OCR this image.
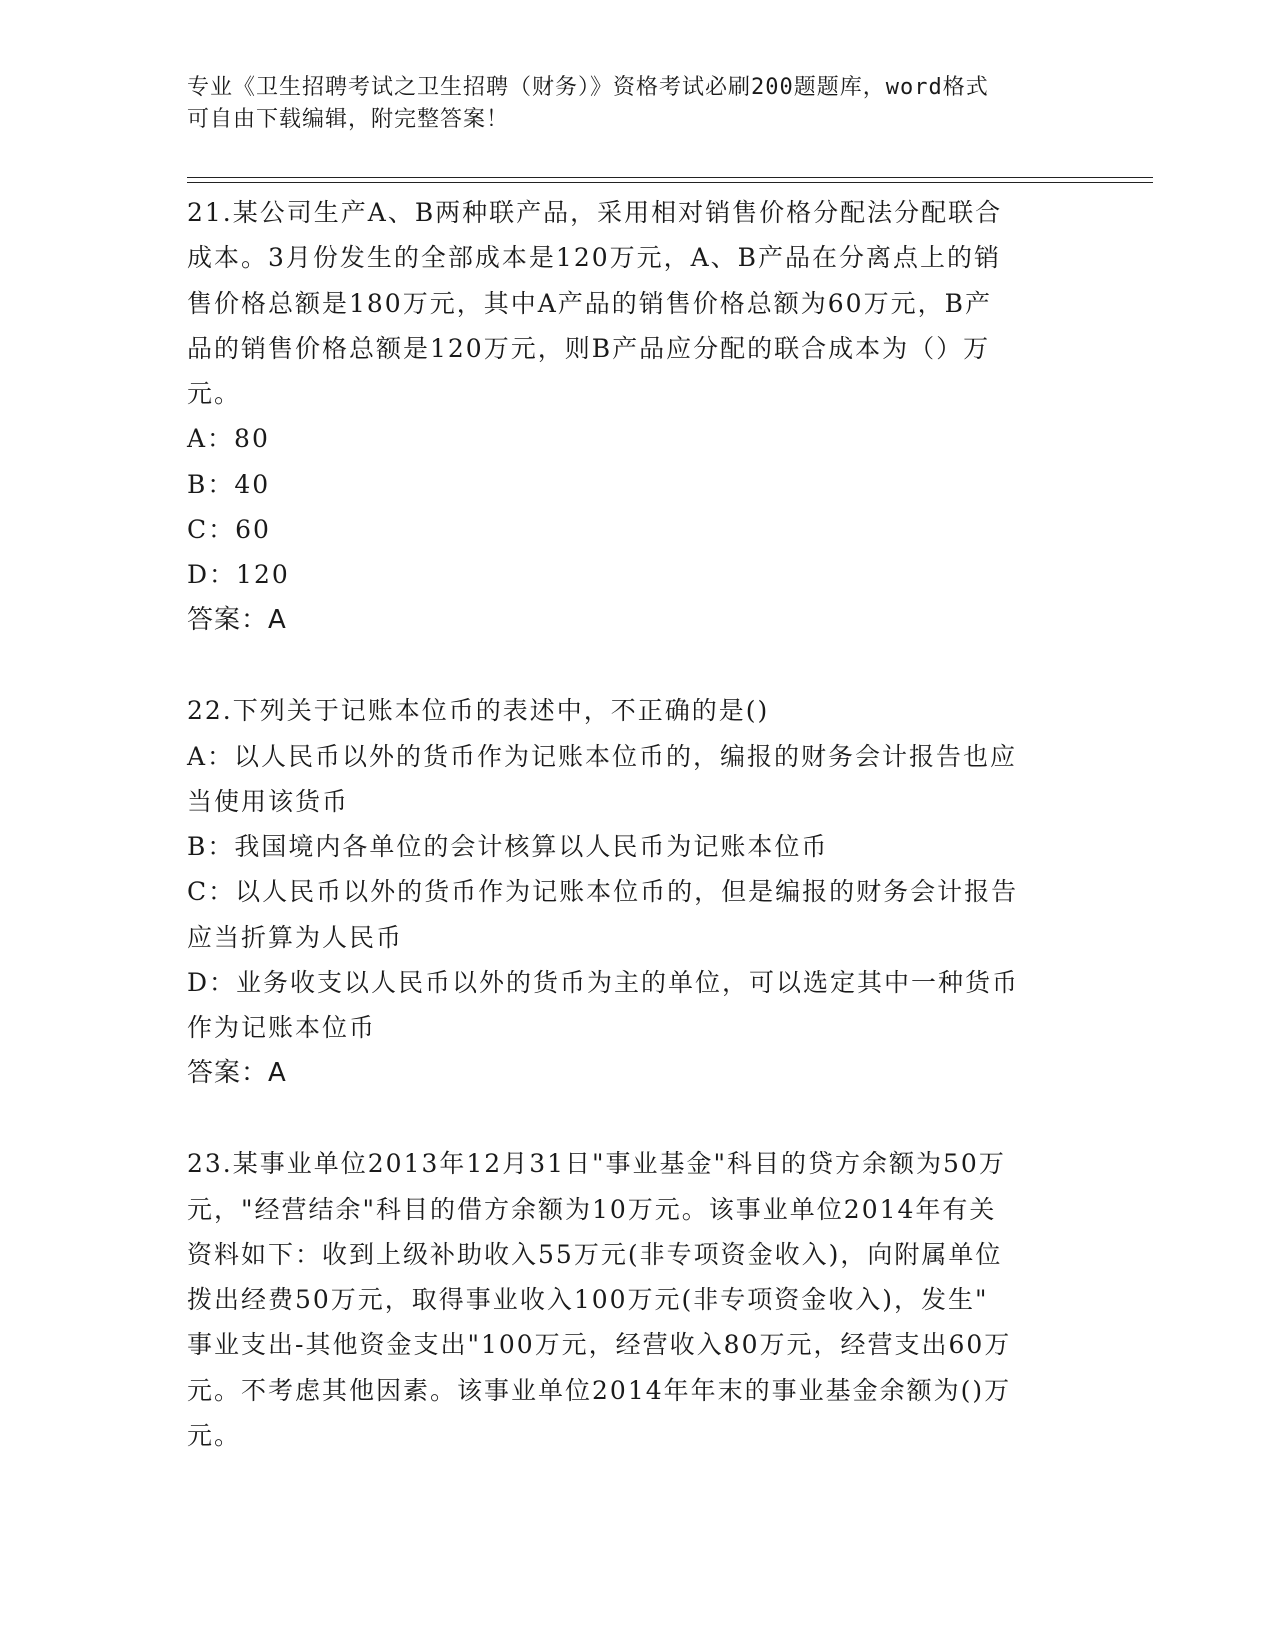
专业《卫生招聘考试之卫生招聘（财务）》资格考试必刷200题题库，word格式
可自由下载编辑，附完整答案！
21.某公司生产A、B两种联产品，采用相对销售价格分配法分配联合
成本。3月份发生的全部成本是120万元，A、B产品在分离点上的销
售价格总额是180万元，其中A产品的销售价格总额为60万元，B产
品的销售价格总额是120万元，则B产品应分配的联合成本为（）万
元。
A：80
B：40
C：60
D：120
答案：A
22.下列关于记账本位币的表述中，不正确的是()
A：以人民币以外的货币作为记账本位币的，编报的财务会计报告也应
当使用该货币
B：我国境内各单位的会计核算以人民币为记账本位币
C：以人民币以外的货币作为记账本位币的，但是编报的财务会计报告
应当折算为人民币
D：业务收支以人民币以外的货币为主的单位，可以选定其中一种货币
作为记账本位币
答案：A
23.某事业单位2013年12月31日"事业基金"科目的贷方余额为50万
元，"经营结余"科目的借方余额为10万元。该事业单位2014年有关
资料如下：收到上级补助收入55万元(非专项资金收入)，向附属单位
拨出经费50万元，取得事业收入100万元(非专项资金收入)，发生"
事业支出-其他资金支出"100万元，经营收入80万元，经营支出60万
元。不考虑其他因素。该事业单位2014年年末的事业基金余额为()万
元。
